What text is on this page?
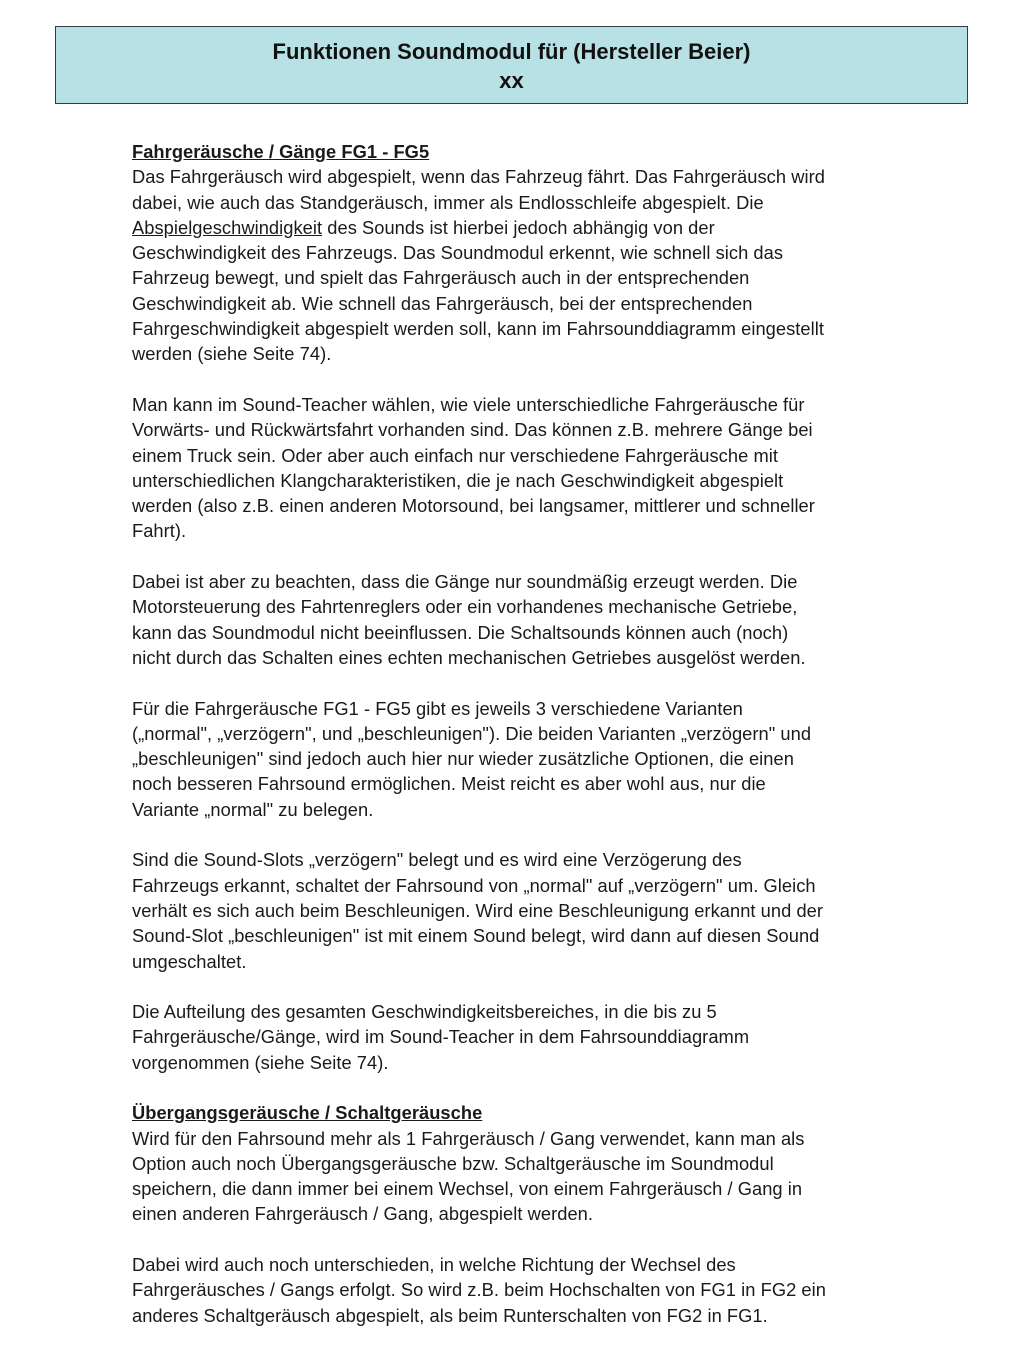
Funktionen Soundmodul für (Hersteller Beier)
xx
Fahrgeräusche / Gänge FG1 - FG5
Das Fahrgeräusch wird abgespielt, wenn das Fahrzeug fährt. Das Fahrgeräusch wird
dabei, wie auch das Standgeräusch, immer als Endlosschleife abgespielt. Die
Abspielgeschwindigkeit des Sounds ist hierbei jedoch abhängig von der
Geschwindigkeit des Fahrzeugs. Das Soundmodul erkennt, wie schnell sich das
Fahrzeug bewegt, und spielt das Fahrgeräusch auch in der entsprechenden
Geschwindigkeit ab. Wie schnell das Fahrgeräusch, bei der entsprechenden
Fahrgeschwindigkeit abgespielt werden soll, kann im Fahrsounddiagramm eingestellt
werden (siehe Seite 74).
Man kann im Sound-Teacher wählen, wie viele unterschiedliche Fahrgeräusche für
Vorwärts- und Rückwärtsfahrt vorhanden sind. Das können z.B. mehrere Gänge bei
einem Truck sein. Oder aber auch einfach nur verschiedene Fahrgeräusche mit
unterschiedlichen Klangcharakteristiken, die je nach Geschwindigkeit abgespielt
werden (also z.B. einen anderen Motorsound, bei langsamer, mittlerer und schneller
Fahrt).
Dabei ist aber zu beachten, dass die Gänge nur soundmäßig erzeugt werden. Die
Motorsteuerung des Fahrtenreglers oder ein vorhandenes mechanische Getriebe,
kann das Soundmodul nicht beeinflussen. Die Schaltsounds können auch (noch)
nicht durch das Schalten eines echten mechanischen Getriebes ausgelöst werden.
Für die Fahrgeräusche FG1 - FG5 gibt es jeweils 3 verschiedene Varianten
(„normal", „verzögern", und „beschleunigen"). Die beiden Varianten „verzögern" und
„beschleunigen" sind jedoch auch hier nur wieder zusätzliche Optionen, die einen
noch besseren Fahrsound ermöglichen. Meist reicht es aber wohl aus, nur die
Variante „normal" zu belegen.
Sind die Sound-Slots „verzögern" belegt und es wird eine Verzögerung des
Fahrzeugs erkannt, schaltet der Fahrsound von „normal" auf „verzögern" um. Gleich
verhält es sich auch beim Beschleunigen. Wird eine Beschleunigung erkannt und der
Sound-Slot „beschleunigen" ist mit einem Sound belegt, wird dann auf diesen Sound
umgeschaltet.
Die Aufteilung des gesamten Geschwindigkeitsbereiches, in die bis zu 5
Fahrgeräusche/Gänge, wird im Sound-Teacher in dem Fahrsounddiagramm
vorgenommen (siehe Seite 74).
Übergangsgeräusche / Schaltgeräusche
Wird für den Fahrsound mehr als 1 Fahrgeräusch / Gang verwendet, kann man als
Option auch noch Übergangsgeräusche bzw. Schaltgeräusche im Soundmodul
speichern, die dann immer bei einem Wechsel, von einem Fahrgeräusch / Gang in
einen anderen Fahrgeräusch / Gang, abgespielt werden.
Dabei wird auch noch unterschieden, in welche Richtung der Wechsel des
Fahrgeräusches / Gangs erfolgt. So wird z.B. beim Hochschalten von FG1 in FG2 ein
anderes Schaltgeräusch abgespielt, als beim Runterschalten von FG2 in FG1.
